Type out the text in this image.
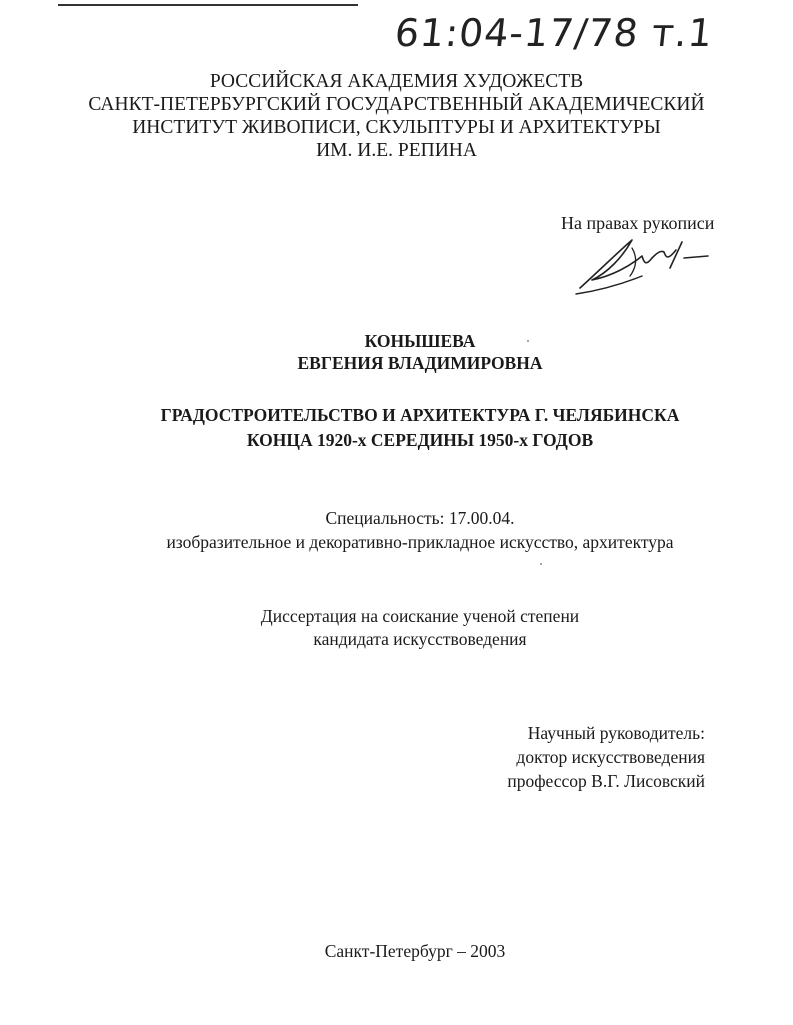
61:04-17/78 т.1
РОССИЙСКАЯ АКАДЕМИЯ ХУДОЖЕСТВ
САНКТ-ПЕТЕРБУРГСКИЙ ГОСУДАРСТВЕННЫЙ АКАДЕМИЧЕСКИЙ
ИНСТИТУТ ЖИВОПИСИ, СКУЛЬПТУРЫ И АРХИТЕКТУРЫ
ИМ. И.Е. РЕПИНА
На правах рукописи
КОНЫШЕВА
ЕВГЕНИЯ ВЛАДИМИРОВНА
ГРАДОСТРОИТЕЛЬСТВО И АРХИТЕКТУРА Г. ЧЕЛЯБИНСКА
КОНЦА 1920-х СЕРЕДИНЫ 1950-х ГОДОВ
Специальность: 17.00.04.
изобразительное и декоративно-прикладное искусство, архитектура
Диссертация на соискание ученой степени
кандидата искусствоведения
Научный руководитель:
доктор искусствоведения
профессор В.Г. Лисовский
Санкт-Петербург – 2003
